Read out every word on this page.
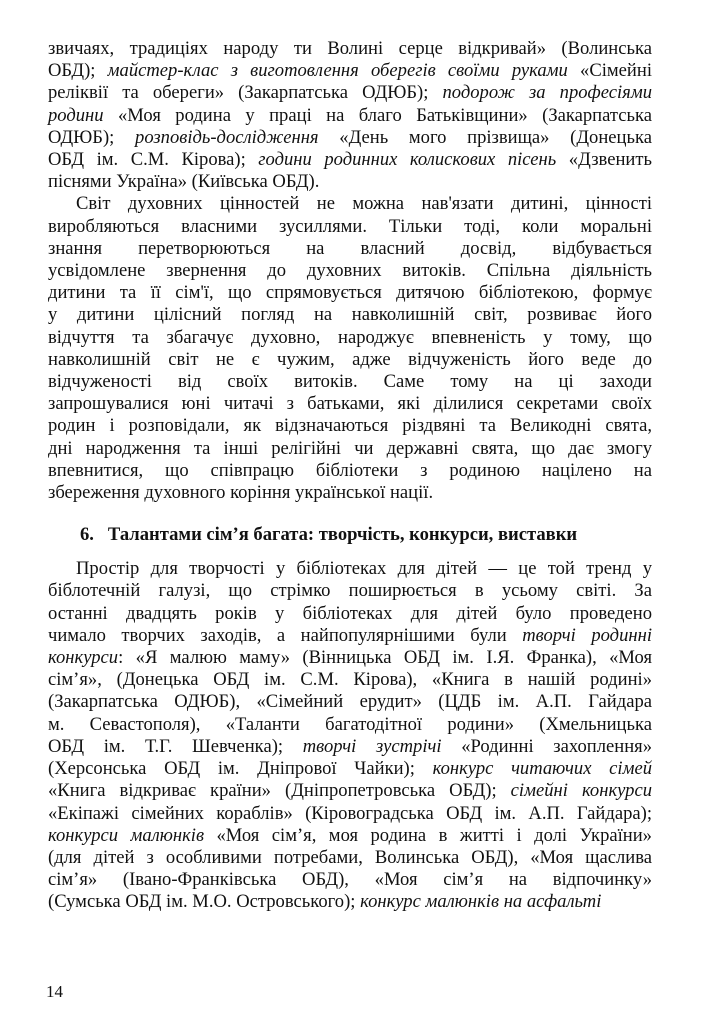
звичаях, традиціях народу ти Волині серце відкривай» (Волинська
ОБД); майстер-клас з виготовлення оберегів своїми руками «Сімейні
реліквії та обереги» (Закарпатська ОДЮБ); подорож за професіями
родини «Моя родина у праці на благо Батьківщини» (Закарпатська
ОДЮБ); розповідь-дослідження «День мого прізвища» (Донецька
ОБД ім. С.М. Кірова); години родинних колискових пісень «Дзвенить
піснями Україна» (Київська ОБД).
Світ духовних цінностей не можна нав'язати дитині, цінності
виробляються власними зусиллями. Тільки тоді, коли моральні
знання перетворюються на власний досвід, відбувається
усвідомлене звернення до духовних витоків. Спільна діяльність
дитини та її сім'ї, що спрямовується дитячою бібліотекою, формує
у дитини цілісний погляд на навколишній світ, розвиває його
відчуття та збагачує духовно, народжує впевненість у тому, що
навколишній світ не є чужим, адже відчуженість його веде до
відчуженості від своїх витоків. Саме тому на ці заходи
запрошувалися юні читачі з батьками, які ділилися секретами своїх
родин і розповідали, як відзначаються різдвяні та Великодні свята,
дні народження та інші релігійні чи державні свята, що дає змогу
впевнитися, що співпрацю бібліотеки з родиною націлено на
збереження духовного коріння української нації.
6. Талантами сім’я багата: творчість, конкурси, виставки
Простір для творчості у бібліотеках для дітей — це той тренд у
біблотечній галузі, що стрімко поширюється в усьому світі. За
останні двадцять років у бібліотеках для дітей було проведено
чимало творчих заходів, а найпопулярнішими були творчі родинні
конкурси: «Я малюю маму» (Вінницька ОБД ім. І.Я. Франка), «Моя
сім’я», (Донецька ОБД ім. С.М. Кірова), «Книга в нашій родині»
(Закарпатська ОДЮБ), «Сімейний ерудит» (ЦДБ ім. А.П. Гайдара
м. Севастополя), «Таланти багатодітної родини» (Хмельницька
ОБД ім. Т.Г. Шевченка); творчі зустрічі «Родинні захоплення»
(Херсонська ОБД ім. Дніпрової Чайки); конкурс читаючих сімей
«Книга відкриває країни» (Дніпропетровська ОБД); сімейні конкурси
«Екіпажі сімейних кораблів» (Кіровоградська ОБД ім. А.П. Гайдара);
конкурси малюнків «Моя сім’я, моя родина в житті і долі України»
(для дітей з особливими потребами, Волинська ОБД), «Моя щаслива
сім’я» (Івано-Франківська ОБД), «Моя сім’я на відпочинку»
(Сумська ОБД ім. М.О. Островського); конкурс малюнків на асфальті
14
